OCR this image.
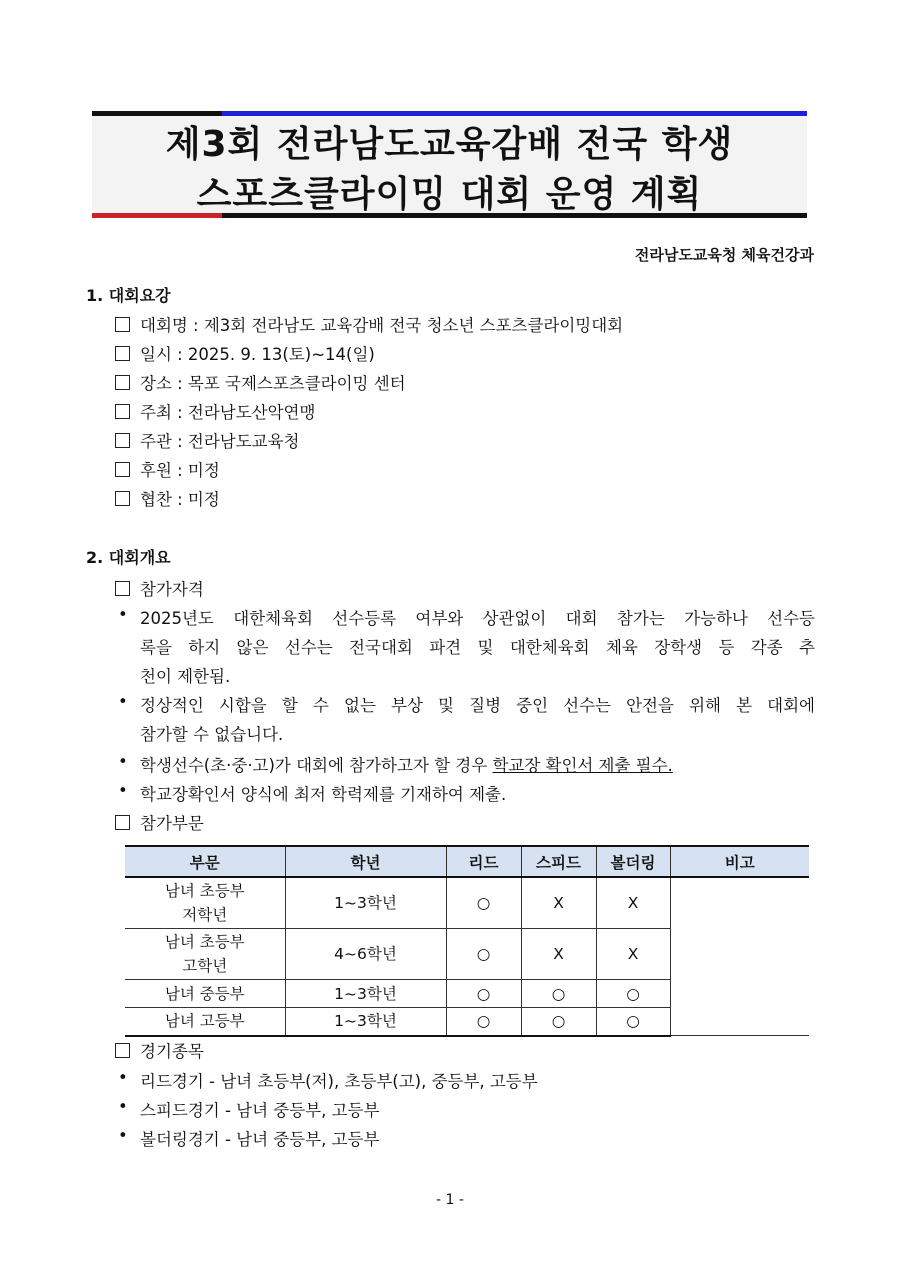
제3회 전라남도교육감배 전국 학생
스포츠클라이밍 대회 운영 계획
전라남도교육청 체육건강과
1. 대회요강
대회명 : 제3회 전라남도 교육감배 전국 청소년 스포츠클라이밍대회
일시 : 2025. 9. 13(토)~14(일)
장소 : 목포 국제스포츠클라이밍 센터
주최 : 전라남도산악연맹
주관 : 전라남도교육청
후원 : 미정
협찬 : 미정
2. 대회개요
참가자격
• 2025년도 대한체육회 선수등록 여부와 상관없이 대회 참가는 가능하나 선수등
록을 하지 않은 선수는 전국대회 파견 및 대한체육회 체육 장학생 등 각종 추
천이 제한됨.
• 정상적인 시합을 할 수 없는 부상 및 질병 중인 선수는 안전을 위해 본 대회에
참가할 수 없습니다.
• 학생선수(초·중·고)가 대회에 참가하고자 할 경우 학교장 확인서 제출 필수.
• 학교장확인서 양식에 최저 학력제를 기재하여 제출.
참가부문
부문	학년	리드	스피드	볼더링	비고

남녀 초등부
저학년	1~3학년	○	X	X	

남녀 초등부
고학년	4~6학년	○	X	X	
남녀 중등부	1~3학년	○	○	○	
남녀 고등부	1~3학년	○	○	○	
경기종목
• 리드경기 - 남녀 초등부(저), 초등부(고), 중등부, 고등부
• 스피드경기 - 남녀 중등부, 고등부
• 볼더링경기 - 남녀 중등부, 고등부
- 1 -
